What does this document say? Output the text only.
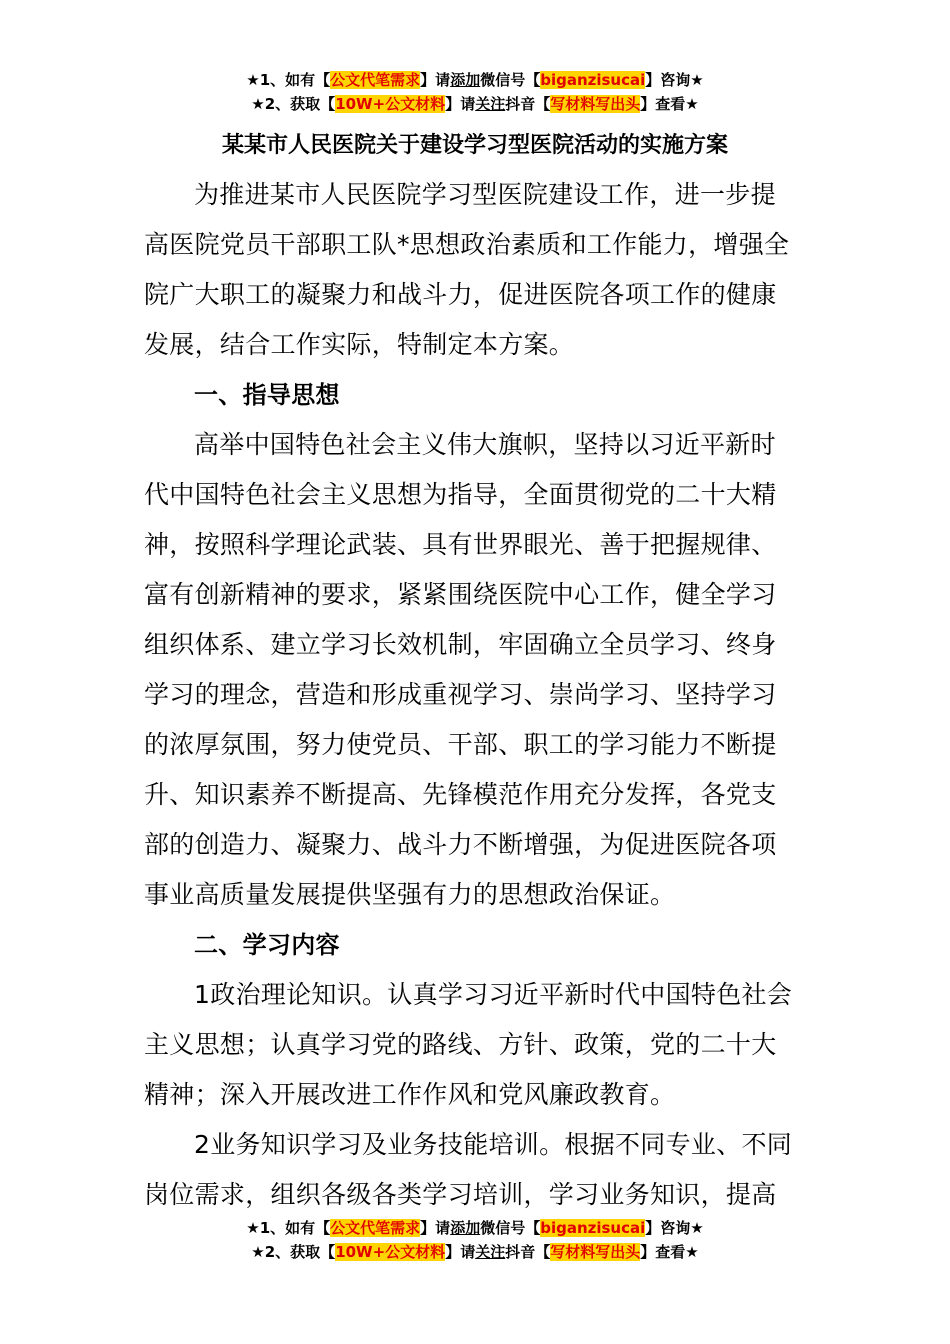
★1、如有【公文代笔需求】请添加微信号【biganzisucai】咨询★
★2、获取【10W+公文材料】请关注抖音【写材料写出头】查看★
某某市人民医院关于建设学习型医院活动的实施方案
为推进某市人民医院学习型医院建设工作，进一步提
高医院党员干部职工队*思想政治素质和工作能力，增强全
院广大职工的凝聚力和战斗力，促进医院各项工作的健康
发展，结合工作实际，特制定本方案。
一、指导思想
高举中国特色社会主义伟大旗帜，坚持以习近平新时
代中国特色社会主义思想为指导，全面贯彻党的二十大精
神，按照科学理论武装、具有世界眼光、善于把握规律、
富有创新精神的要求，紧紧围绕医院中心工作，健全学习
组织体系、建立学习长效机制，牢固确立全员学习、终身
学习的理念，营造和形成重视学习、崇尚学习、坚持学习
的浓厚氛围，努力使党员、干部、职工的学习能力不断提
升、知识素养不断提高、先锋模范作用充分发挥，各党支
部的创造力、凝聚力、战斗力不断增强，为促进医院各项
事业高质量发展提供坚强有力的思想政治保证。
二、学习内容
1政治理论知识。认真学习习近平新时代中国特色社会
主义思想；认真学习党的路线、方针、政策，党的二十大
精神；深入开展改进工作作风和党风廉政教育。
2业务知识学习及业务技能培训。根据不同专业、不同
岗位需求，组织各级各类学习培训，学习业务知识，提高
★1、如有【公文代笔需求】请添加微信号【biganzisucai】咨询★
★2、获取【10W+公文材料】请关注抖音【写材料写出头】查看★
